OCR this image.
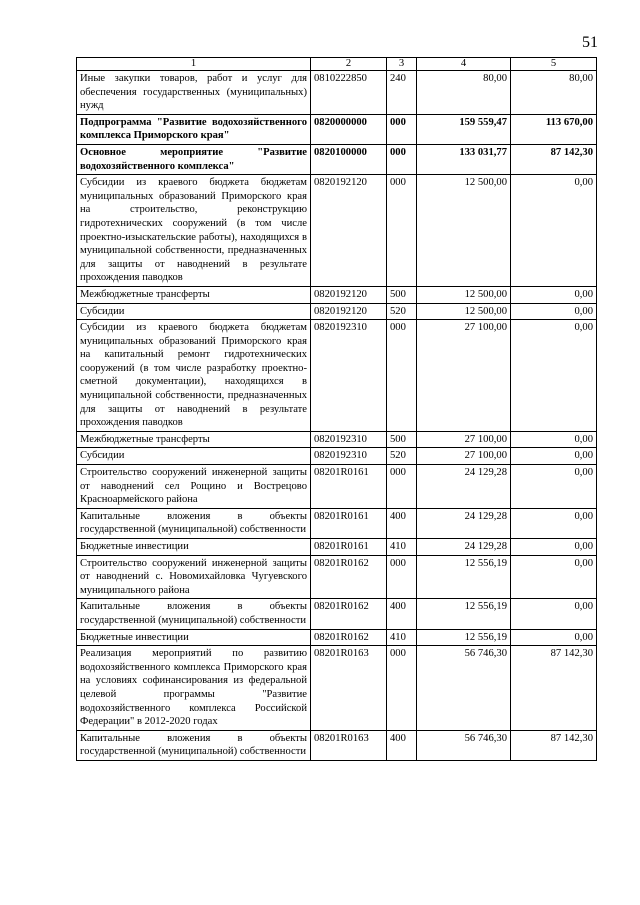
51
1	2	3	4	5
Иные закупки товаров, работ и услуг для обеспечения государственных (муниципальных) нужд	0810222850	240	80,00	80,00
Подпрограмма "Развитие водохозяйственного комплекса Приморского края"	0820000000	000	159 559,47	113 670,00
Основное мероприятие "Развитие водохозяйственного комплекса"	0820100000	000	133 031,77	87 142,30
Субсидии из краевого бюджета бюджетам муниципальных образований Приморского края на строительство, реконструкцию гидротехнических сооружений (в том числе проектно-изыскательские работы), находящихся в муниципальной собственности, предназначенных для защиты от наводнений в результате прохождения паводков	0820192120	000	12 500,00	0,00
Межбюджетные трансферты	0820192120	500	12 500,00	0,00
Субсидии	0820192120	520	12 500,00	0,00
Субсидии из краевого бюджета бюджетам муниципальных образований Приморского края на капитальный ремонт гидротехнических сооружений (в том числе разработку проектно-сметной документации), находящихся в муниципальной собственности, предназначенных для защиты от наводнений в результате прохождения паводков	0820192310	000	27 100,00	0,00
Межбюджетные трансферты	0820192310	500	27 100,00	0,00
Субсидии	0820192310	520	27 100,00	0,00
Строительство сооружений инженерной защиты от наводнений сел Рощино и Вострецово Красноармейского района	08201R0161	000	24 129,28	0,00
Капитальные вложения в объекты государственной (муниципальной) собственности	08201R0161	400	24 129,28	0,00
Бюджетные инвестиции	08201R0161	410	24 129,28	0,00
Строительство сооружений инженерной защиты от наводнений с. Новомихайловка Чугуевского муниципального района	08201R0162	000	12 556,19	0,00
Капитальные вложения в объекты государственной (муниципальной) собственности	08201R0162	400	12 556,19	0,00
Бюджетные инвестиции	08201R0162	410	12 556,19	0,00
Реализация мероприятий по развитию водохозяйственного комплекса Приморского края на условиях софинансирования из федеральной целевой программы "Развитие водохозяйственного комплекса Российской Федерации" в 2012-2020 годах	08201R0163	000	56 746,30	87 142,30
Капитальные вложения в объекты государственной (муниципальной) собственности	08201R0163	400	56 746,30	87 142,30
